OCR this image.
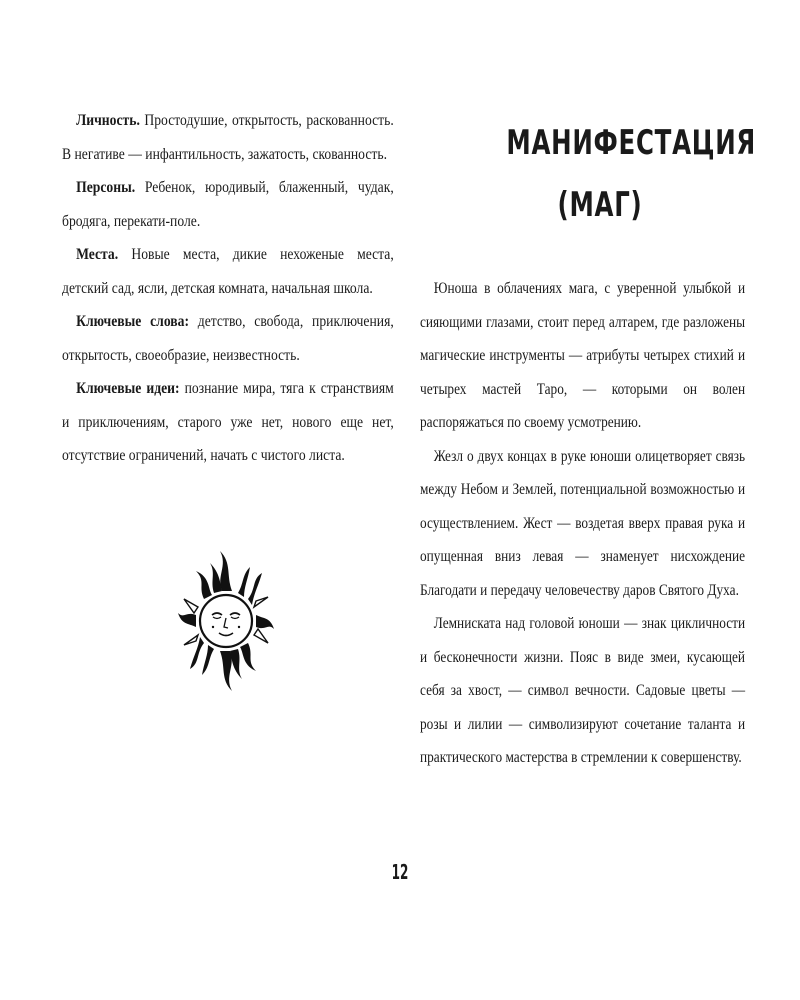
Личность. Простодушие, открытость, раскованность. В негативе — инфантильность, зажатость, скованность.

Персоны. Ребенок, юродивый, блаженный, чудак, бродяга, перекати-поле.

Места. Новые места, дикие нехоженые места, детский сад, ясли, детская комната, начальная школа.

Ключевые слова: детство, свобода, приключения, открытость, своеобразие, неизвестность.

Ключевые идеи: познание мира, тяга к странствиям и приключениям, старого уже нет, нового еще нет, отсутствие ограничений, начать с чистого листа.

МАНИФЕСТАЦИЯ
(МАГ)

Юноша в облачениях мага, с уверенной улыбкой и сияющими глазами, стоит перед алтарем, где разложены магические инструменты — атрибуты четырех стихий и четырех мастей Таро, — которыми он волен распоряжаться по своему усмотрению.

Жезл о двух концах в руке юноши олицетворяет связь между Небом и Землей, потенциальной возможностью и осуществлением. Жест — воздетая вверх правая рука и опущенная вниз левая — знаменует нисхождение Благодати и передачу человечеству даров Святого Духа.

Лемниската над головой юноши — знак цикличности и бесконечности жизни. Пояс в виде змеи, кусающей себя за хвост, — символ вечности. Садовые цветы — розы и лилии — символизируют сочетание таланта и практического мастерства в стремлении к совершенству.

12
